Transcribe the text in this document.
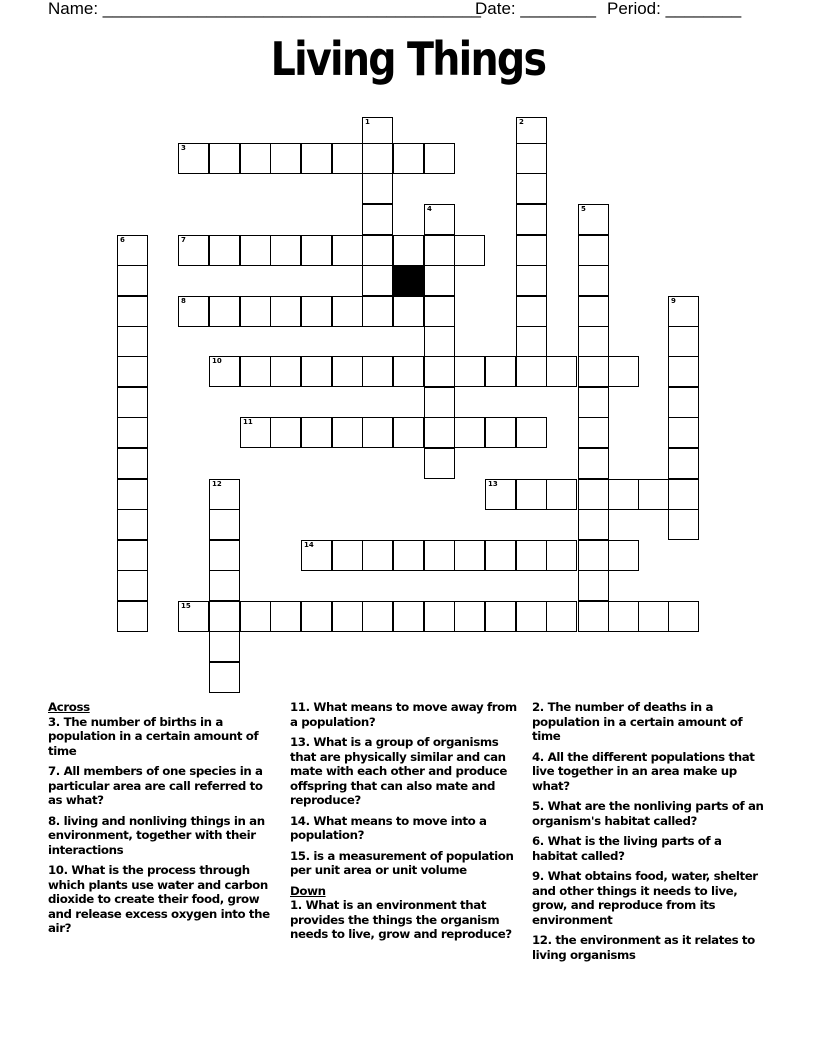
Name: ________________________________________
Date: ________ Period: ________
Living Things
1	2
3
4	5
6	7
8	9
10
11
12	13
14
15
Across

3. The number of births in a population in a certain amount of time

7. All members of one species in a particular area are call referred to as what?

8. living and nonliving things in an environment, together with their interactions

10. What is the process through which plants use water and carbon dioxide to create their food, grow and release excess oxygen into the air?

11. What means to move away from a population?

13. What is a group of organisms that are physically similar and can mate with each other and produce offspring that can also mate and reproduce?

14. What means to move into a population?

15. is a measurement of population per unit area or unit volume

Down

1. What is an environment that provides the things the organism needs to live, grow and reproduce?

2. The number of deaths in a population in a certain amount of time

4. All the different populations that live together in an area make up what?

5. What are the nonliving parts of an organism's habitat called?

6. What is the living parts of a habitat called?

9. What obtains food, water, shelter and other things it needs to live, grow, and reproduce from its environment

12. the environment as it relates to living organisms
